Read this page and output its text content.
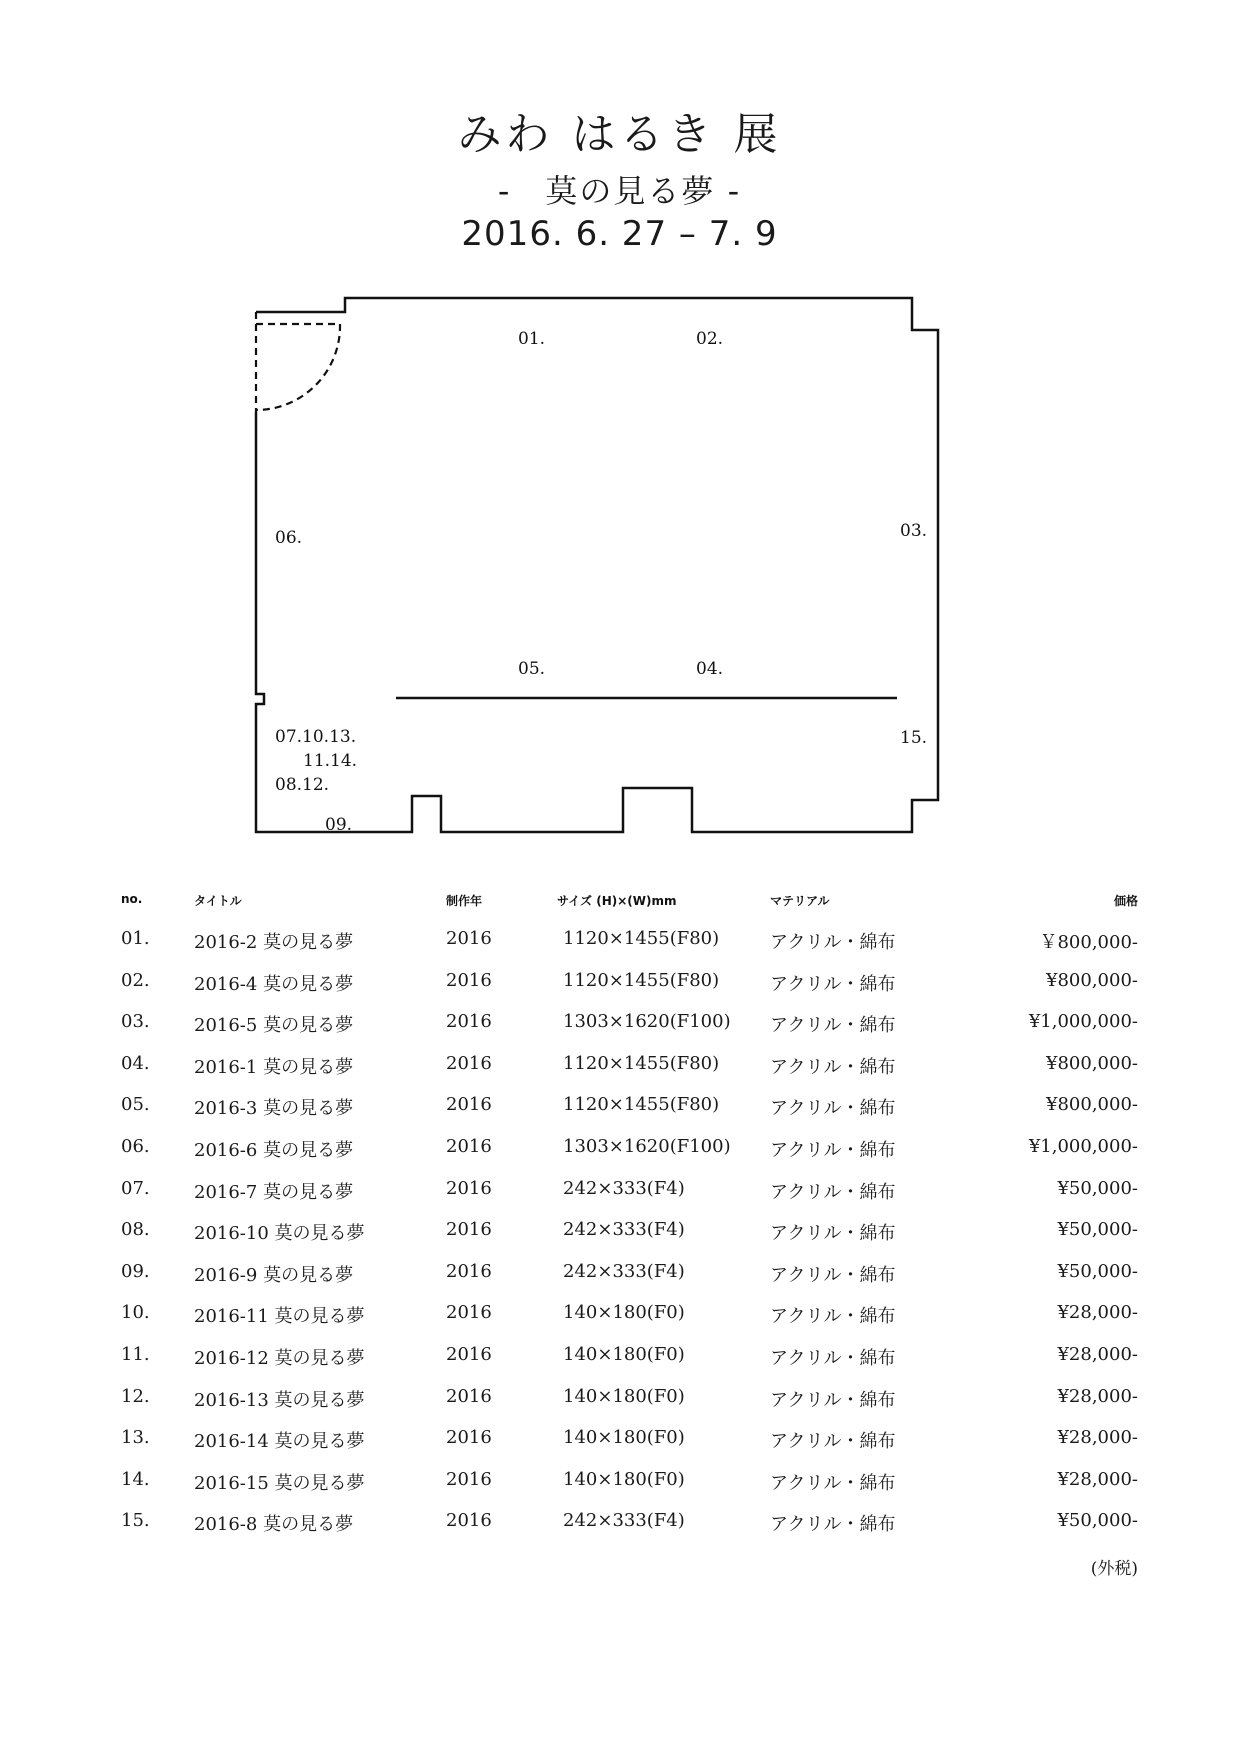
みわ はるき 展
-　莫の見る夢 -
2016. 6. 27 – 7. 9
01.	02.
03.
04.
05.
06.
07.10.13.
11.14.
08.12.
09.
15.
no.	タイトル	制作年	サイズ (H)×(W)mm	マテリアル	価格
01. 2016-2 莫の見る夢	2016	1120×1455(F80)	アクリル・綿布	￥800,000-
02. 2016-4 莫の見る夢	2016	1120×1455(F80)	アクリル・綿布	¥800,000-
03. 2016-5 莫の見る夢	2016	1303×1620(F100) アクリル・綿布	¥1,000,000-
04. 2016-1 莫の見る夢	2016	1120×1455(F80)	アクリル・綿布	¥800,000-
05. 2016-3 莫の見る夢	2016	1120×1455(F80)	アクリル・綿布	¥800,000-
06. 2016-6 莫の見る夢	2016	1303×1620(F100) アクリル・綿布	¥1,000,000-
07. 2016-7 莫の見る夢	2016	242×333(F4)	アクリル・綿布	¥50,000-
08. 2016-10 莫の見る夢	2016	242×333(F4)	アクリル・綿布	¥50,000-
09. 2016-9 莫の見る夢	2016	242×333(F4)	アクリル・綿布	¥50,000-
10. 2016-11 莫の見る夢	2016	140×180(F0)	アクリル・綿布	¥28,000-
11. 2016-12 莫の見る夢	2016	140×180(F0)	アクリル・綿布	¥28,000-
12. 2016-13 莫の見る夢	2016	140×180(F0)	アクリル・綿布	¥28,000-
13. 2016-14 莫の見る夢	2016	140×180(F0)	アクリル・綿布	¥28,000-
14. 2016-15 莫の見る夢	2016	140×180(F0)	アクリル・綿布	¥28,000-
15. 2016-8 莫の見る夢	2016	242×333(F4)	アクリル・綿布	¥50,000-
(外税)
